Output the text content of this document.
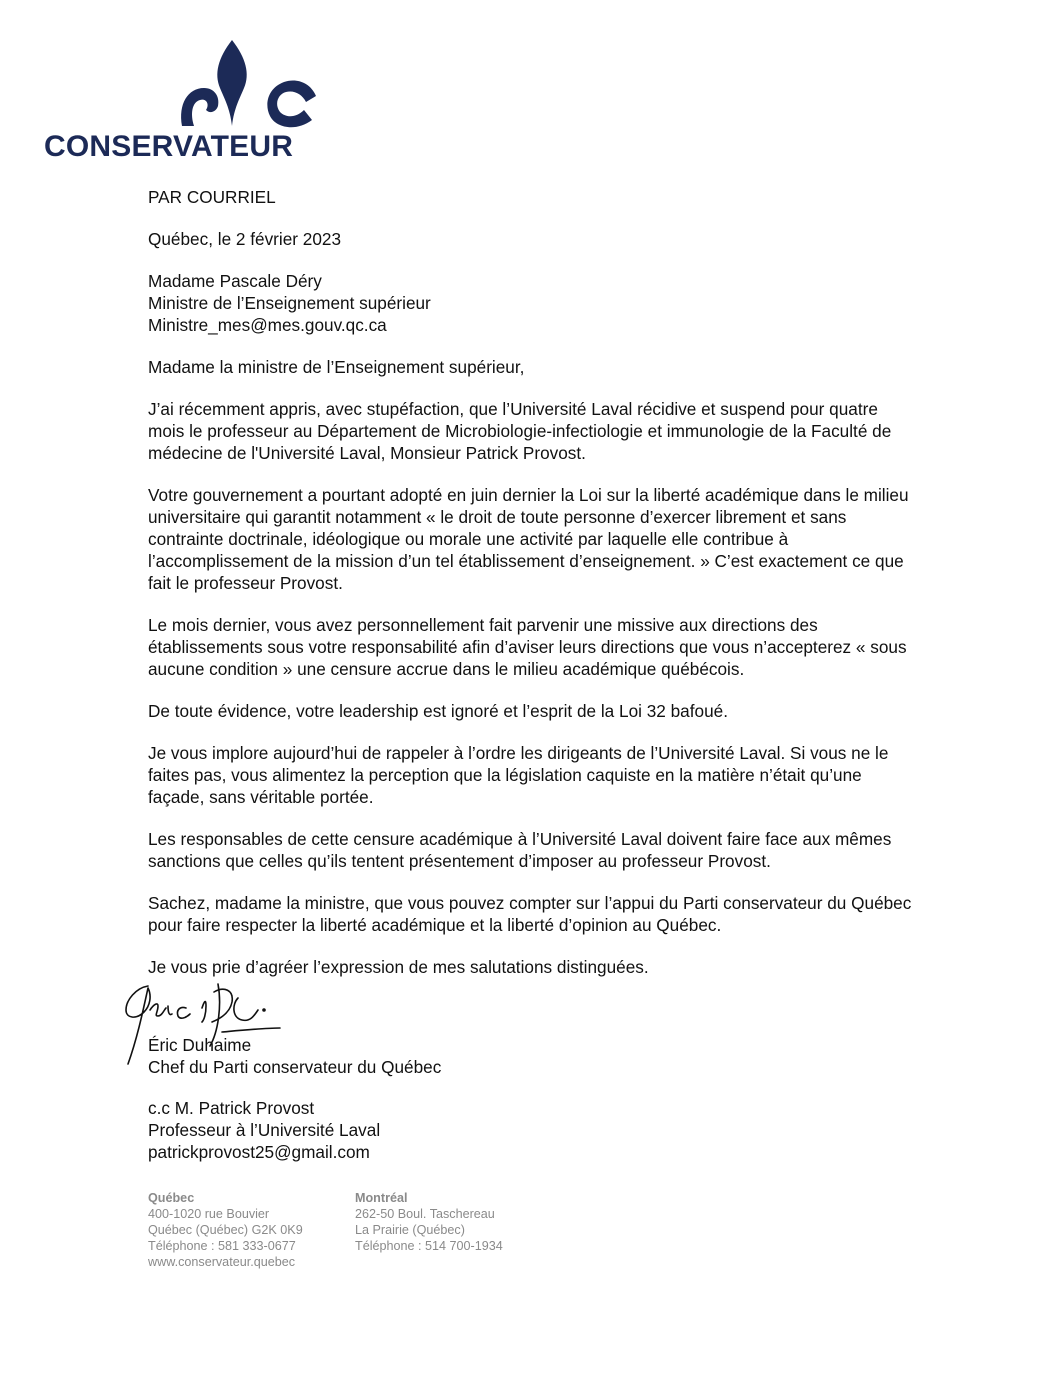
CONSERVATEUR

PAR COURRIEL

Québec, le 2 février 2023

Madame Pascale Déry
Ministre de l’Enseignement supérieur
Ministre_mes@mes.gouv.qc.ca

Madame la ministre de l’Enseignement supérieur,

J’ai récemment appris, avec stupéfaction, que l’Université Laval récidive et suspend pour quatre mois le professeur au Département de Microbiologie-infectiologie et immunologie de la Faculté de médecine de l'Université Laval, Monsieur Patrick Provost.

Votre gouvernement a pourtant adopté en juin dernier la Loi sur la liberté académique dans le milieu universitaire qui garantit notamment « le droit de toute personne d’exercer librement et sans contrainte doctrinale, idéologique ou morale une activité par laquelle elle contribue à l’accomplissement de la mission d’un tel établissement d’enseignement. » C’est exactement ce que fait le professeur Provost.

Le mois dernier, vous avez personnellement fait parvenir une missive aux directions des établissements sous votre responsabilité afin d’aviser leurs directions que vous n’accepterez « sous aucune condition » une censure accrue dans le milieu académique québécois.

De toute évidence, votre leadership est ignoré et l’esprit de la Loi 32 bafoué.

Je vous implore aujourd’hui de rappeler à l’ordre les dirigeants de l’Université Laval. Si vous ne le faites pas, vous alimentez la perception que la législation caquiste en la matière n’était qu’une façade, sans véritable portée.

Les responsables de cette censure académique à l’Université Laval doivent faire face aux mêmes sanctions que celles qu’ils tentent présentement d’imposer au professeur Provost.

Sachez, madame la ministre, que vous pouvez compter sur l’appui du Parti conservateur du Québec pour faire respecter la liberté académique et la liberté d’opinion au Québec.

Je vous prie d’agréer l’expression de mes salutations distinguées.

Éric Duhaime
Chef du Parti conservateur du Québec
c.c M. Patrick Provost
Professeur à l’Université Laval
patrickprovost25@gmail.com
Québec
400-1020 rue Bouvier
Québec (Québec) G2K 0K9
Téléphone : 581 333-0677
www.conservateur.quebec
Montréal
262-50 Boul. Taschereau
La Prairie (Québec)
Téléphone : 514 700-1934
